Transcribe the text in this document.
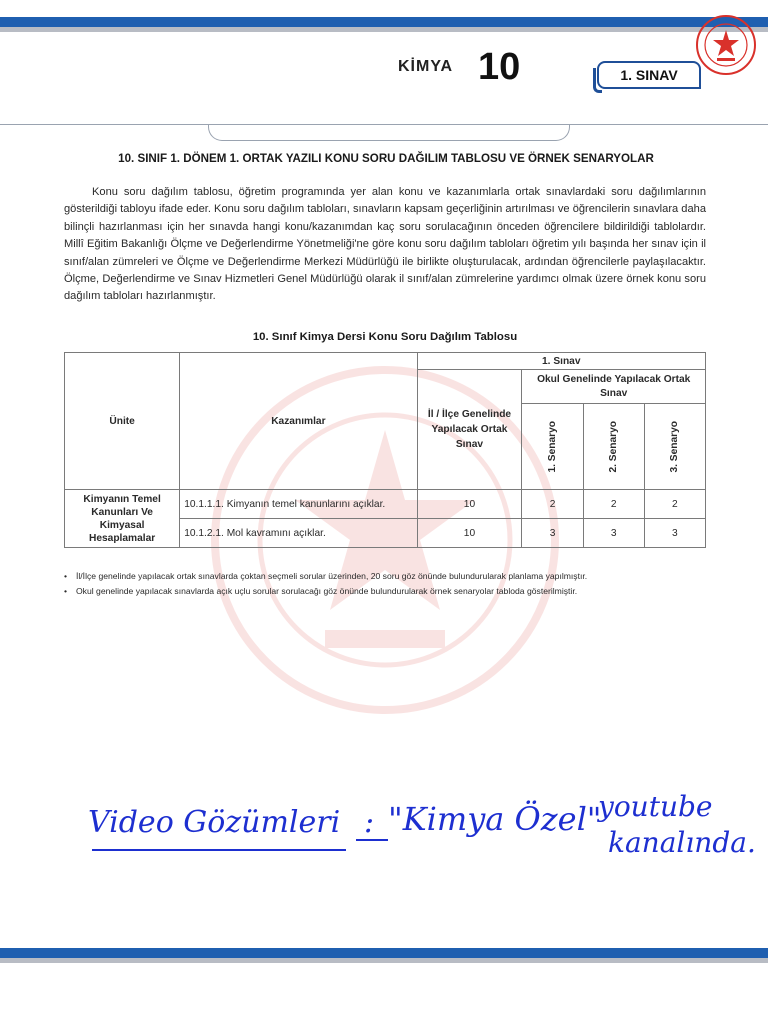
KİMYA 10	1. SINAV
10. SINIF 1. DÖNEM 1. ORTAK YAZILI KONU SORU DAĞILIM TABLOSU VE ÖRNEK SENARYOLAR
Konu soru dağılım tablosu, öğretim programında yer alan konu ve kazanımlarla ortak sınavlardaki soru dağılımlarının gösterildiği tabloyu ifade eder. Konu soru dağılım tabloları, sınavların kapsam geçerliğinin artırılması ve öğrencilerin sınavlara daha bilinçli hazırlanması için her sınavda hangi konu/kazanımdan kaç soru sorulacağının önceden öğrencilere bildirildiği tablolardır. Millî Eğitim Bakanlığı Ölçme ve Değerlendirme Yönetmeliği'ne göre konu soru dağılım tabloları öğretim yılı başında her sınav için il sınıf/alan zümreleri ve Ölçme ve Değerlendirme Merkezi Müdürlüğü ile birlikte oluşturulacak, ardından öğrencilerle paylaşılacaktır. Ölçme, Değerlendirme ve Sınav Hizmetleri Genel Müdürlüğü olarak il sınıf/alan zümrelerine yardımcı olmak üzere örnek konu soru dağılım tabloları hazırlanmıştır.
10. Sınıf Kimya Dersi Konu Soru Dağılım Tablosu
Ünite	Kazanımlar	1. Sınav			
		İl / İlçe Genelinde Yapılacak Ortak Sınav	Okul Genelinde Yapılacak Ortak Sınav		

			1. Senaryo	2. Senaryo	3. Senaryo

Kimyanın Temel Kanunları Ve Kimyasal Hesaplamalar	10.1.1.1. Kimyanın temel kanunlarını açıklar.	10	2	2	2
	10.1.2.1. Mol kavramını açıklar.	10	3	3	3
• İl/İlçe genelinde yapılacak ortak sınavlarda çoktan seçmeli sorular üzerinden, 20 soru göz önünde bulundurularak planlama yapılmıştır.
• Okul genelinde yapılacak sınavlarda açık uçlu sorular sorulacağı göz önünde bulundurularak örnek senaryolar tabloda gösterilmiştir.
Video Gözümleri : "Kimya Özel"
youtube
kanalında.
